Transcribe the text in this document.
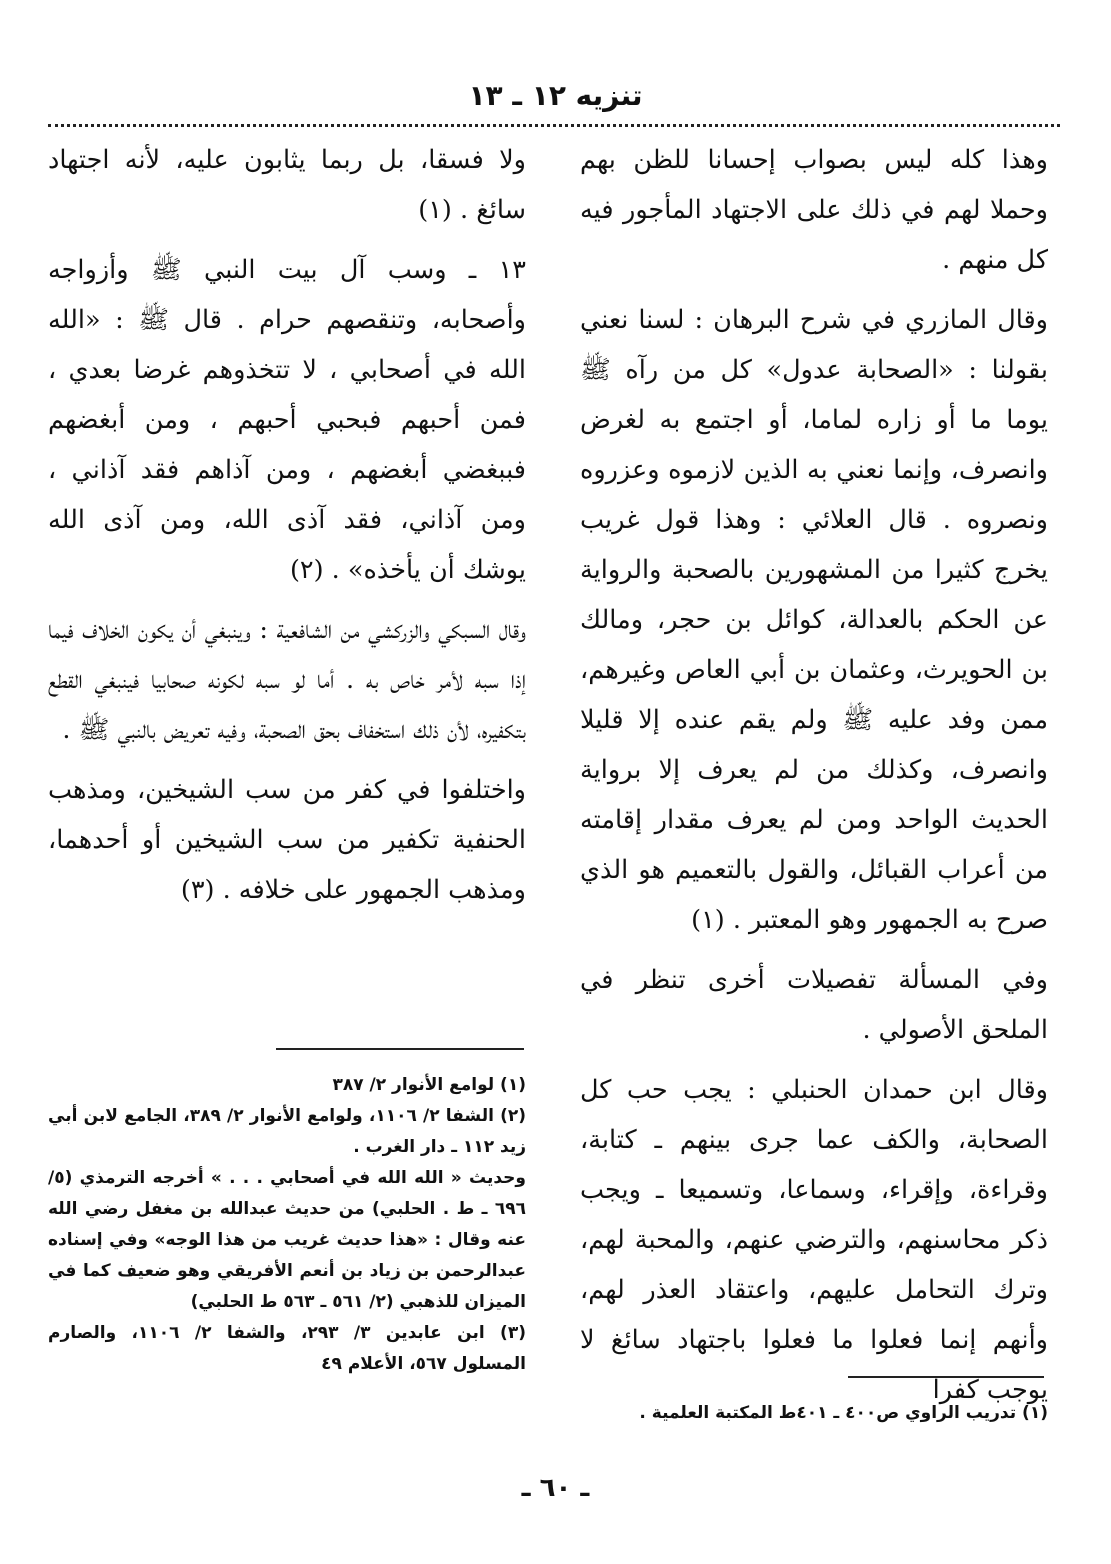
تنزيه ١٢ ـ ١٣

وهذا كله ليس بصواب إحسانا للظن بهم وحملا لهم في ذلك على الاجتهاد المأجور فيه كل منهم .

وقال المازري في شرح البرهان : لسنا نعني بقولنا : «الصحابة عدول» كل من رآه ﷺ يوما ما أو زاره لماما، أو اجتمع به لغرض وانصرف، وإنما نعني به الذين لازموه وعزروه ونصروه . قال العلائي : وهذا قول غريب يخرج كثيرا من المشهورين بالصحبة والرواية عن الحكم بالعدالة، كوائل بن حجر، ومالك بن الحويرث، وعثمان بن أبي العاص وغيرهم، ممن وفد عليه ﷺ ولم يقم عنده إلا قليلا وانصرف، وكذلك من لم يعرف إلا برواية الحديث الواحد ومن لم يعرف مقدار إقامته من أعراب القبائل، والقول بالتعميم هو الذي صرح به الجمهور وهو المعتبر . (١)

وفي المسألة تفصيلات أخرى تنظر في الملحق الأصولي .

وقال ابن حمدان الحنبلي : يجب حب كل الصحابة، والكف عما جرى بينهم ـ كتابة، وقراءة، وإقراء، وسماعا، وتسميعا ـ ويجب ذكر محاسنهم، والترضي عنهم، والمحبة لهم، وترك التحامل عليهم، واعتقاد العذر لهم، وأنهم إنما فعلوا ما فعلوا باجتهاد سائغ لا يوجب كفرا

ولا فسقا، بل ربما يثابون عليه، لأنه اجتهاد سائغ . (١)

١٣ ـ وسب آل بيت النبي ﷺ وأزواجه وأصحابه، وتنقصهم حرام . قال ﷺ : «الله الله في أصحابي ، لا تتخذوهم غرضا بعدي ، فمن أحبهم فبحبي أحبهم ، ومن أبغضهم فببغضي أبغضهم ، ومن آذاهم فقد آذاني ، ومن آذاني، فقد آذى الله، ومن آذى الله يوشك أن يأخذه» . (٢)

وقال السبكي والزركشي من الشافعية : وينبغي أن يكون الخلاف فيما إذا سبه لأمر خاص به . أما لو سبه لكونه صحابيا فينبغي القطع بتكفيره، لأن ذلك استخفاف بحق الصحبة، وفيه تعريض بالنبي ﷺ .

واختلفوا في كفر من سب الشيخين، ومذهب الحنفية تكفير من سب الشيخين أو أحدهما، ومذهب الجمهور على خلافه . (٣)

(١) لوامع الأنوار ٢/ ٣٨٧

(٢) الشفا ٢/ ١١٠٦، ولوامع الأنوار ٢/ ٣٨٩، الجامع لابن أبي زيد ١١٢ ـ دار الغرب .

وحديث « الله الله في أصحابي . . . » أخرجه الترمذي (٥/ ٦٩٦ ـ ط . الحلبي) من حديث عبدالله بن مغفل رضي الله عنه وقال : «هذا حديث غريب من هذا الوجه» وفي إسناده عبدالرحمن بن زياد بن أنعم الأفريقي وهو ضعيف كما في الميزان للذهبي (٢/ ٥٦١ ـ ٥٦٣ ط الحلبي)

(٣) ابن عابدين ٣/ ٢٩٣، والشفا ٢/ ١١٠٦، والصارم المسلول ٥٦٧، الأعلام ٤٩

(١) تدريب الراوي ص٤٠٠ ـ ٤٠١ط المكتبة العلمية .

ـ ٦٠ ـ
